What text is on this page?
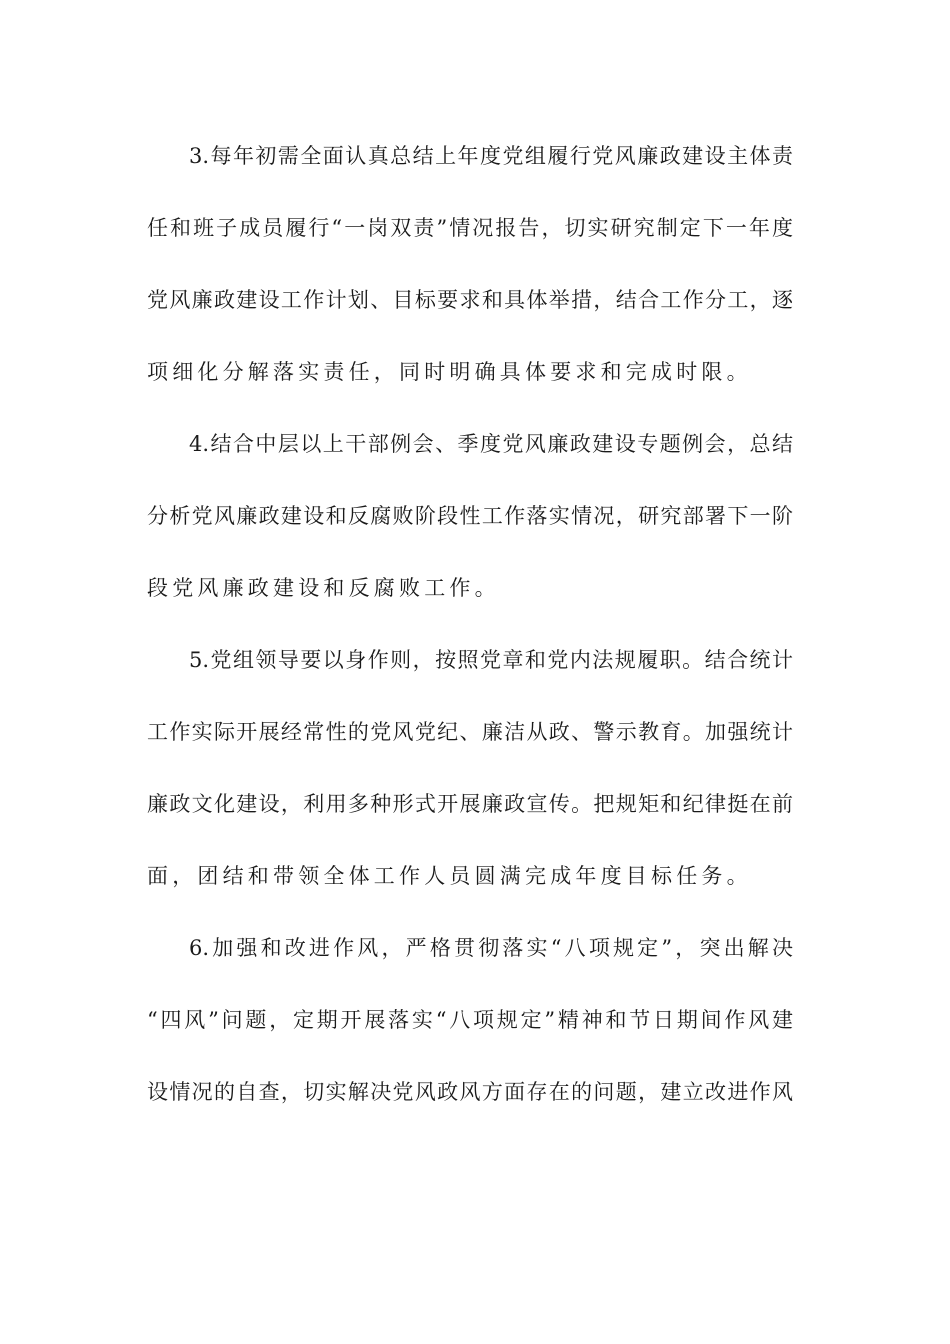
3.每年初需全面认真总结上年度党组履行党风廉政建设主体责
任和班子成员履行“一岗双责”情况报告，切实研究制定下一年度
党风廉政建设工作计划、目标要求和具体举措，结合工作分工，逐
项细化分解落实责任，同时明确具体要求和完成时限。
4.结合中层以上干部例会、季度党风廉政建设专题例会，总结
分析党风廉政建设和反腐败阶段性工作落实情况，研究部署下一阶
段党风廉政建设和反腐败工作。
5.党组领导要以身作则，按照党章和党内法规履职。结合统计
工作实际开展经常性的党风党纪、廉洁从政、警示教育。加强统计
廉政文化建设，利用多种形式开展廉政宣传。把规矩和纪律挺在前
面，团结和带领全体工作人员圆满完成年度目标任务。
6.加强和改进作风，严格贯彻落实“八项规定”，突出解决
“四风”问题，定期开展落实“八项规定”精神和节日期间作风建
设情况的自查，切实解决党风政风方面存在的问题，建立改进作风
